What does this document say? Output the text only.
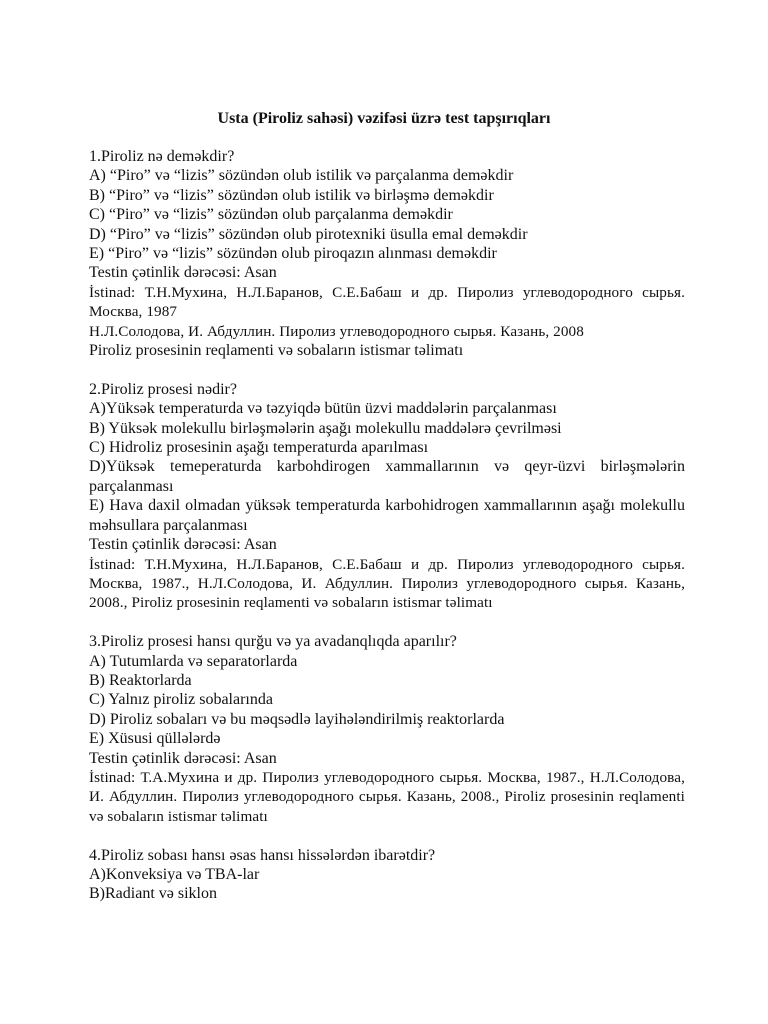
Usta (Piroliz sahəsi) vəzifəsi üzrə test tapşırıqları
1.Piroliz nə deməkdir?
A) “Piro” və “lizis” sözündən olub istilik və parçalanma deməkdir
B) “Piro” və “lizis” sözündən olub istilik və birləşmə deməkdir
C) “Piro” və “lizis” sözündən olub parçalanma deməkdir
D) “Piro” və “lizis” sözündən olub pirotexniki üsulla emal deməkdir
E) “Piro” və “lizis” sözündən olub piroqazın alınması deməkdir
Testin çətinlik dərəcəsi: Asan
İstinad: Т.Н.Мухина, Н.Л.Баранов, С.Е.Бабаш и др. Пиролиз углеводородного сырья. Москва, 1987
Н.Л.Солодова, И. Абдуллин. Пиролиз углеводородного сырья. Казань, 2008
Piroliz prosesinin reqlamenti və sobaların istismar təlimatı
2.Piroliz prosesi nədir?
A)Yüksək temperaturda və təzyiqdə bütün üzvi maddələrin parçalanması
B) Yüksək molekullu birləşmələrin aşağı molekullu maddələrə çevrilməsi
C) Hidroliz prosesinin aşağı temperaturda aparılması
D)Yüksək temeperaturda karbohdirogen xammallarının və qeyr-üzvi birləşmələrin parçalanması
E) Hava daxil olmadan yüksək temperaturda karbohidrogen xammallarının aşağı molekullu məhsullara parçalanması
Testin çətinlik dərəcəsi: Asan
İstinad: Т.Н.Мухина, Н.Л.Баранов, С.Е.Бабаш и др. Пиролиз углеводородного сырья. Москва, 1987., Н.Л.Солодова, И. Абдуллин. Пиролиз углеводородного сырья. Казань, 2008., Piroliz prosesinin reqlamenti və sobaların istismar təlimatı
3.Piroliz prosesi hansı qurğu və ya avadanqlıqda aparılır?
A) Tutumlarda və separatorlarda
B) Reaktorlarda
C) Yalnız piroliz sobalarında
D) Piroliz sobaları və bu məqsədlə layihələndirilmiş reaktorlarda
E) Xüsusi qüllələrdə
Testin çətinlik dərəcəsi: Asan
İstinad: Т.А.Мухина и др. Пиролиз углеводородного сырья. Москва, 1987., Н.Л.Солодова, И. Абдуллин. Пиролиз углеводородного сырья. Казань, 2008., Piroliz prosesinin reqlamenti və sobaların istismar təlimatı
4.Piroliz sobası hansı əsas hansı hissələrdən ibarətdir?
A)Konveksiya və TBA-lar
B)Radiant və siklon
